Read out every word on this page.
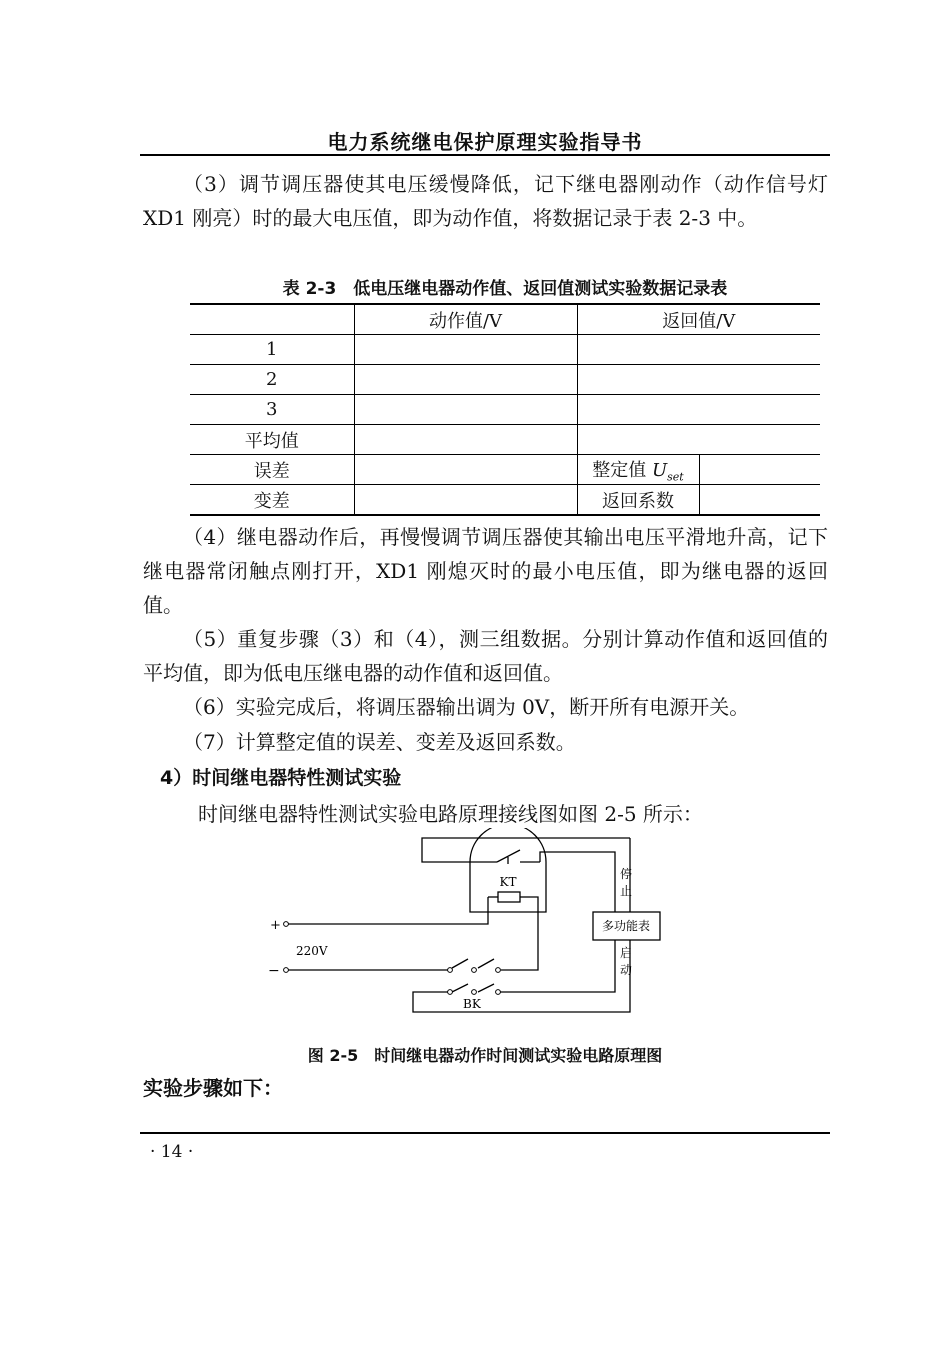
电力系统继电保护原理实验指导书
（3）调节调压器使其电压缓慢降低，记下继电器刚动作（动作信号灯 XD1 刚亮）时的最大电压值，即为动作值，将数据记录于表 2-3 中。
表 2-3　低电压继电器动作值、返回值测试实验数据记录表
	动作值/V	返回值/V	
1			
2			
3			
平均值			
误差		整定值 $U_{set}$	
变差		返回系数	
（4）继电器动作后，再慢慢调节调压器使其输出电压平滑地升高，记下继电器常闭触点刚打开，XD1 刚熄灭时的最小电压值，即为继电器的返回值。
（5）重复步骤（3）和（4），测三组数据。分别计算动作值和返回值的平均值，即为低电压继电器的动作值和返回值。
（6）实验完成后，将调压器输出调为 0V，断开所有电源开关。
（7）计算整定值的误差、变差及返回系数。
4）时间继电器特性测试实验
时间继电器特性测试实验电路原理接线图如图 2-5 所示：
KT
+
−
220V
BK
停
止
多功能表
启
动
图 2-5　时间继电器动作时间测试实验电路原理图
实验步骤如下：
· 14 ·
